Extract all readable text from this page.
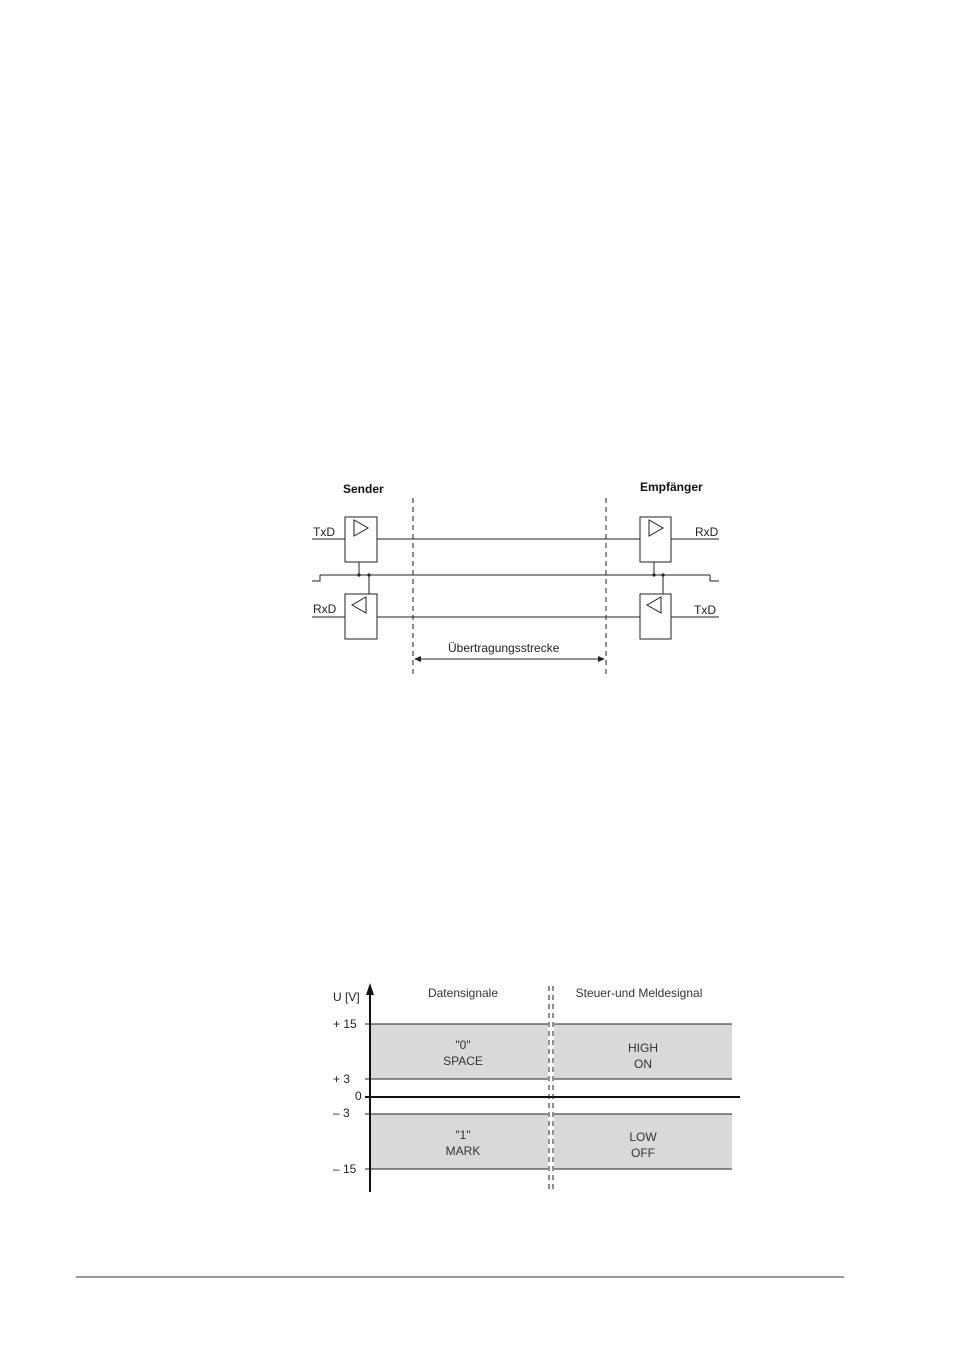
Sender	Empfänger
TxD
RxD
RxD
TxD
Übertragungsstrecke
U [V]	Datensignale	Steuer-und Meldesignal
+ 15
+ 3
0
– 3
– 15
"0"
SPACE
HIGH
ON
"1"
MARK
LOW
OFF
